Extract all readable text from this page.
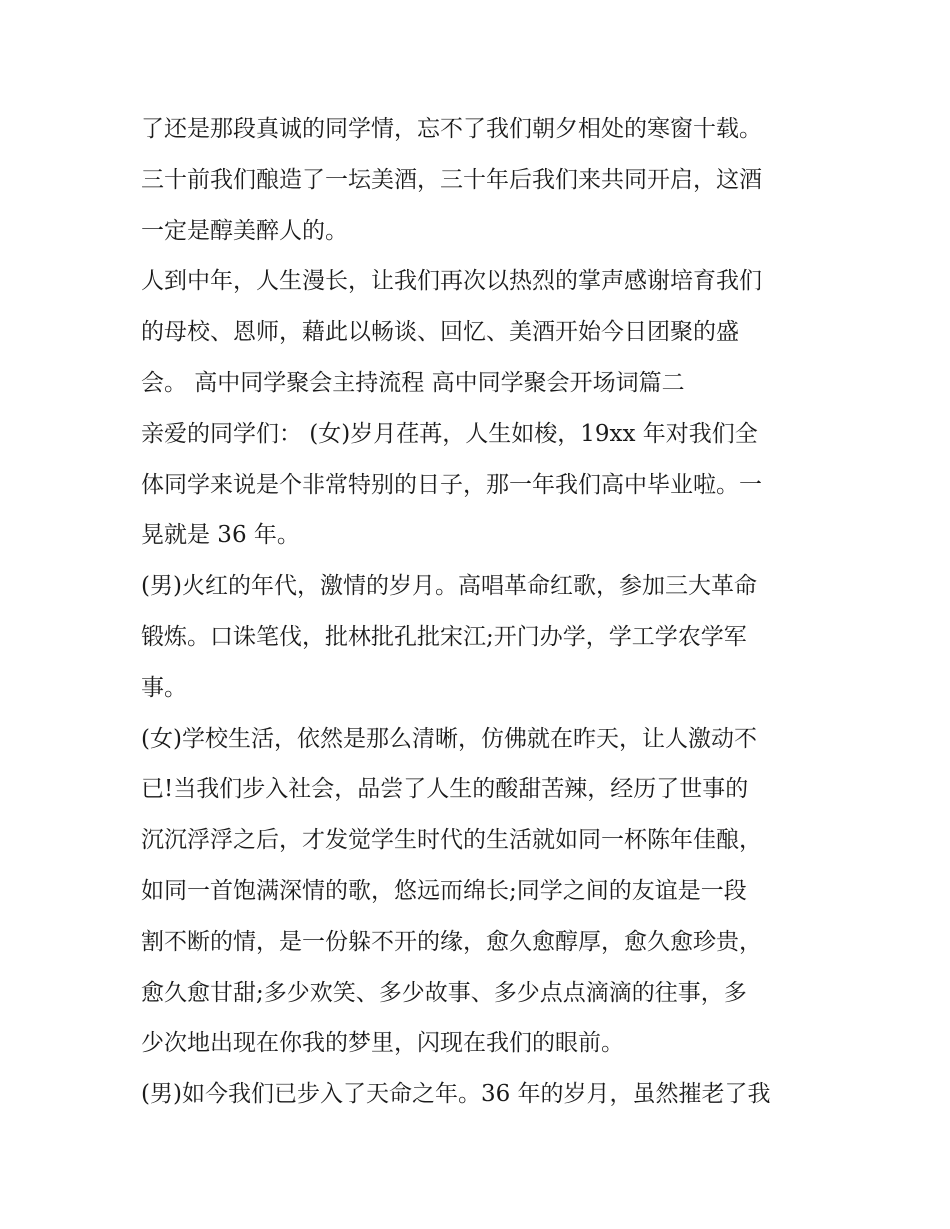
了还是那段真诚的同学情，忘不了我们朝夕相处的寒窗十载。
三十前我们酿造了一坛美酒，三十年后我们来共同开启，这酒
一定是醇美醉人的。
人到中年，人生漫长，让我们再次以热烈的掌声感谢培育我们
的母校、恩师，藉此以畅谈、回忆、美酒开始今日团聚的盛
会。 高中同学聚会主持流程 高中同学聚会开场词篇二
亲爱的同学们： (女)岁月荏苒，人生如梭，19xx 年对我们全
体同学来说是个非常特别的日子，那一年我们高中毕业啦。一
晃就是 36 年。
(男)火红的年代，激情的岁月。高唱革命红歌，参加三大革命
锻炼。口诛笔伐，批林批孔批宋江;开门办学，学工学农学军
事。
(女)学校生活，依然是那么清晰，仿佛就在昨天，让人激动不
已!当我们步入社会，品尝了人生的酸甜苦辣，经历了世事的
沉沉浮浮之后，才发觉学生时代的生活就如同一杯陈年佳酿，
如同一首饱满深情的歌，悠远而绵长;同学之间的友谊是一段
割不断的情，是一份躲不开的缘，愈久愈醇厚，愈久愈珍贵，
愈久愈甘甜;多少欢笑、多少故事、多少点点滴滴的往事，多
少次地出现在你我的梦里，闪现在我们的眼前。
(男)如今我们已步入了天命之年。36 年的岁月，虽然摧老了我
